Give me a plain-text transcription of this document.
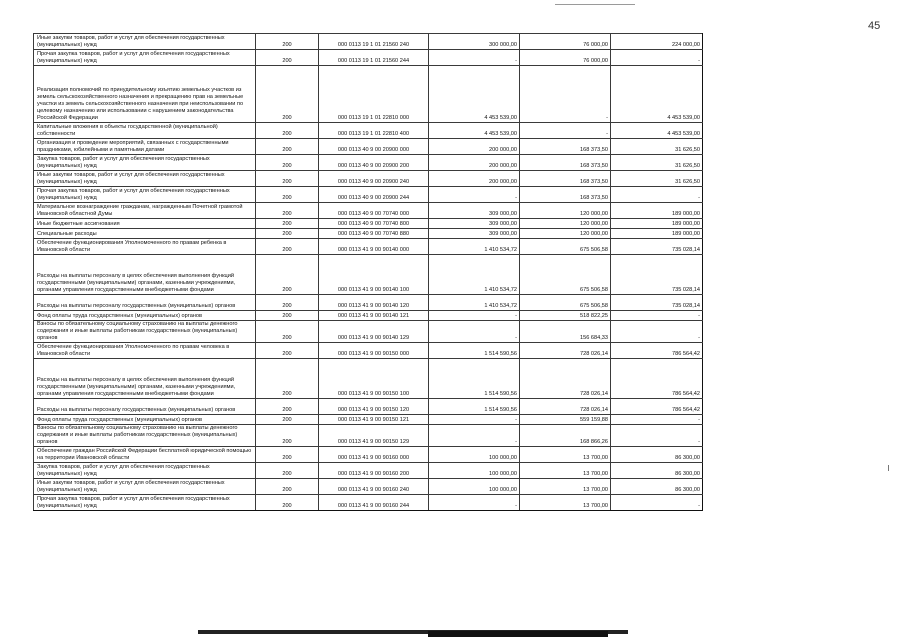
45
Иные закупки товаров, работ и услуг для обеспечения государственных (муниципальных) нужд	200	000 0113 19 1 01 21560 240	300 000,00	76 000,00	224 000,00
Прочая закупка товаров, работ и услуг для обеспечения государственных (муниципальных) нужд	200	000 0113 19 1 01 21560 244	-	76 000,00	-
Реализация полномочий по принудительному изъятию земельных участков из земель сельскохозяйственного назначения и прекращению прав на земельные участки из земель сельскохозяйственного назначения при неиспользовании по целевому назначению или использовании с нарушением законодательства Российской Федерации	200	000 0113 19 1 01 22810 000	4 453 539,00	-	4 453 539,00
Капитальные вложения в объекты государственной (муниципальной) собственности	200	000 0113 19 1 01 22810 400	4 453 539,00	-	4 453 539,00
Организация и проведение мероприятий, связанных с государственными праздниками, юбилейными и памятными датами	200	000 0113 40 9 00 20900 000	200 000,00	168 373,50	31 626,50
Закупка товаров, работ и услуг для обеспечения государственных (муниципальных) нужд	200	000 0113 40 9 00 20900 200	200 000,00	168 373,50	31 626,50
Иные закупки товаров, работ и услуг для обеспечения государственных (муниципальных) нужд	200	000 0113 40 9 00 20900 240	200 000,00	168 373,50	31 626,50
Прочая закупка товаров, работ и услуг для обеспечения государственных (муниципальных) нужд	200	000 0113 40 9 00 20900 244	-	168 373,50	-
Материальное вознаграждение гражданам, награжденным Почетной грамотой Ивановской областной Думы	200	000 0113 40 9 00 70740 000	309 000,00	120 000,00	189 000,00
Иные бюджетные ассигнования	200	000 0113 40 9 00 70740 800	309 000,00	120 000,00	189 000,00
Специальные расходы	200	000 0113 40 9 00 70740 880	309 000,00	120 000,00	189 000,00
Обеспечение функционирования Уполномоченного по правам ребенка в Ивановской области	200	000 0113 41 9 00 90140 000	1 410 534,72	675 506,58	735 028,14
Расходы на выплаты персоналу в целях обеспечения выполнения функций государственными (муниципальными) органами, казенными учреждениями, органами управления государственными внебюджетными фондами	200	000 0113 41 9 00 90140 100	1 410 534,72	675 506,58	735 028,14
Расходы на выплаты персоналу государственных (муниципальных) органов	200	000 0113 41 9 00 90140 120	1 410 534,72	675 506,58	735 028,14
Фонд оплаты труда государственных (муниципальных) органов	200	000 0113 41 9 00 90140 121	-	518 822,25	-
Взносы по обязательному социальному страхованию на выплаты денежного содержания и иные выплаты работникам государственных (муниципальных) органов	200	000 0113 41 9 00 90140 129	-	156 684,33	-
Обеспечение функционирования Уполномоченного по правам человека в Ивановской области	200	000 0113 41 9 00 90150 000	1 514 590,56	728 026,14	786 564,42
Расходы на выплаты персоналу в целях обеспечения выполнения функций государственными (муниципальными) органами, казенными учреждениями, органами управления государственными внебюджетными фондами	200	000 0113 41 9 00 90150 100	1 514 590,56	728 026,14	786 564,42
Расходы на выплаты персоналу государственных (муниципальных) органов	200	000 0113 41 9 00 90150 120	1 514 590,56	728 026,14	786 564,42
Фонд оплаты труда государственных (муниципальных) органов	200	000 0113 41 9 00 90150 121	-	559 159,88	-
Взносы по обязательному социальному страхованию на выплаты денежного содержания и иные выплаты работникам государственных (муниципальных) органов	200	000 0113 41 9 00 90150 129	-	168 866,26	-
Обеспечение граждан Российской Федерации бесплатной юридической помощью на территории Ивановской области	200	000 0113 41 9 00 90160 000	100 000,00	13 700,00	86 300,00
Закупка товаров, работ и услуг для обеспечения государственных (муниципальных) нужд	200	000 0113 41 9 00 90160 200	100 000,00	13 700,00	86 300,00
Иные закупки товаров, работ и услуг для обеспечения государственных (муниципальных) нужд	200	000 0113 41 9 00 90160 240	100 000,00	13 700,00	86 300,00
Прочая закупка товаров, работ и услуг для обеспечения государственных (муниципальных) нужд	200	000 0113 41 9 00 90160 244	-	13 700,00	-
